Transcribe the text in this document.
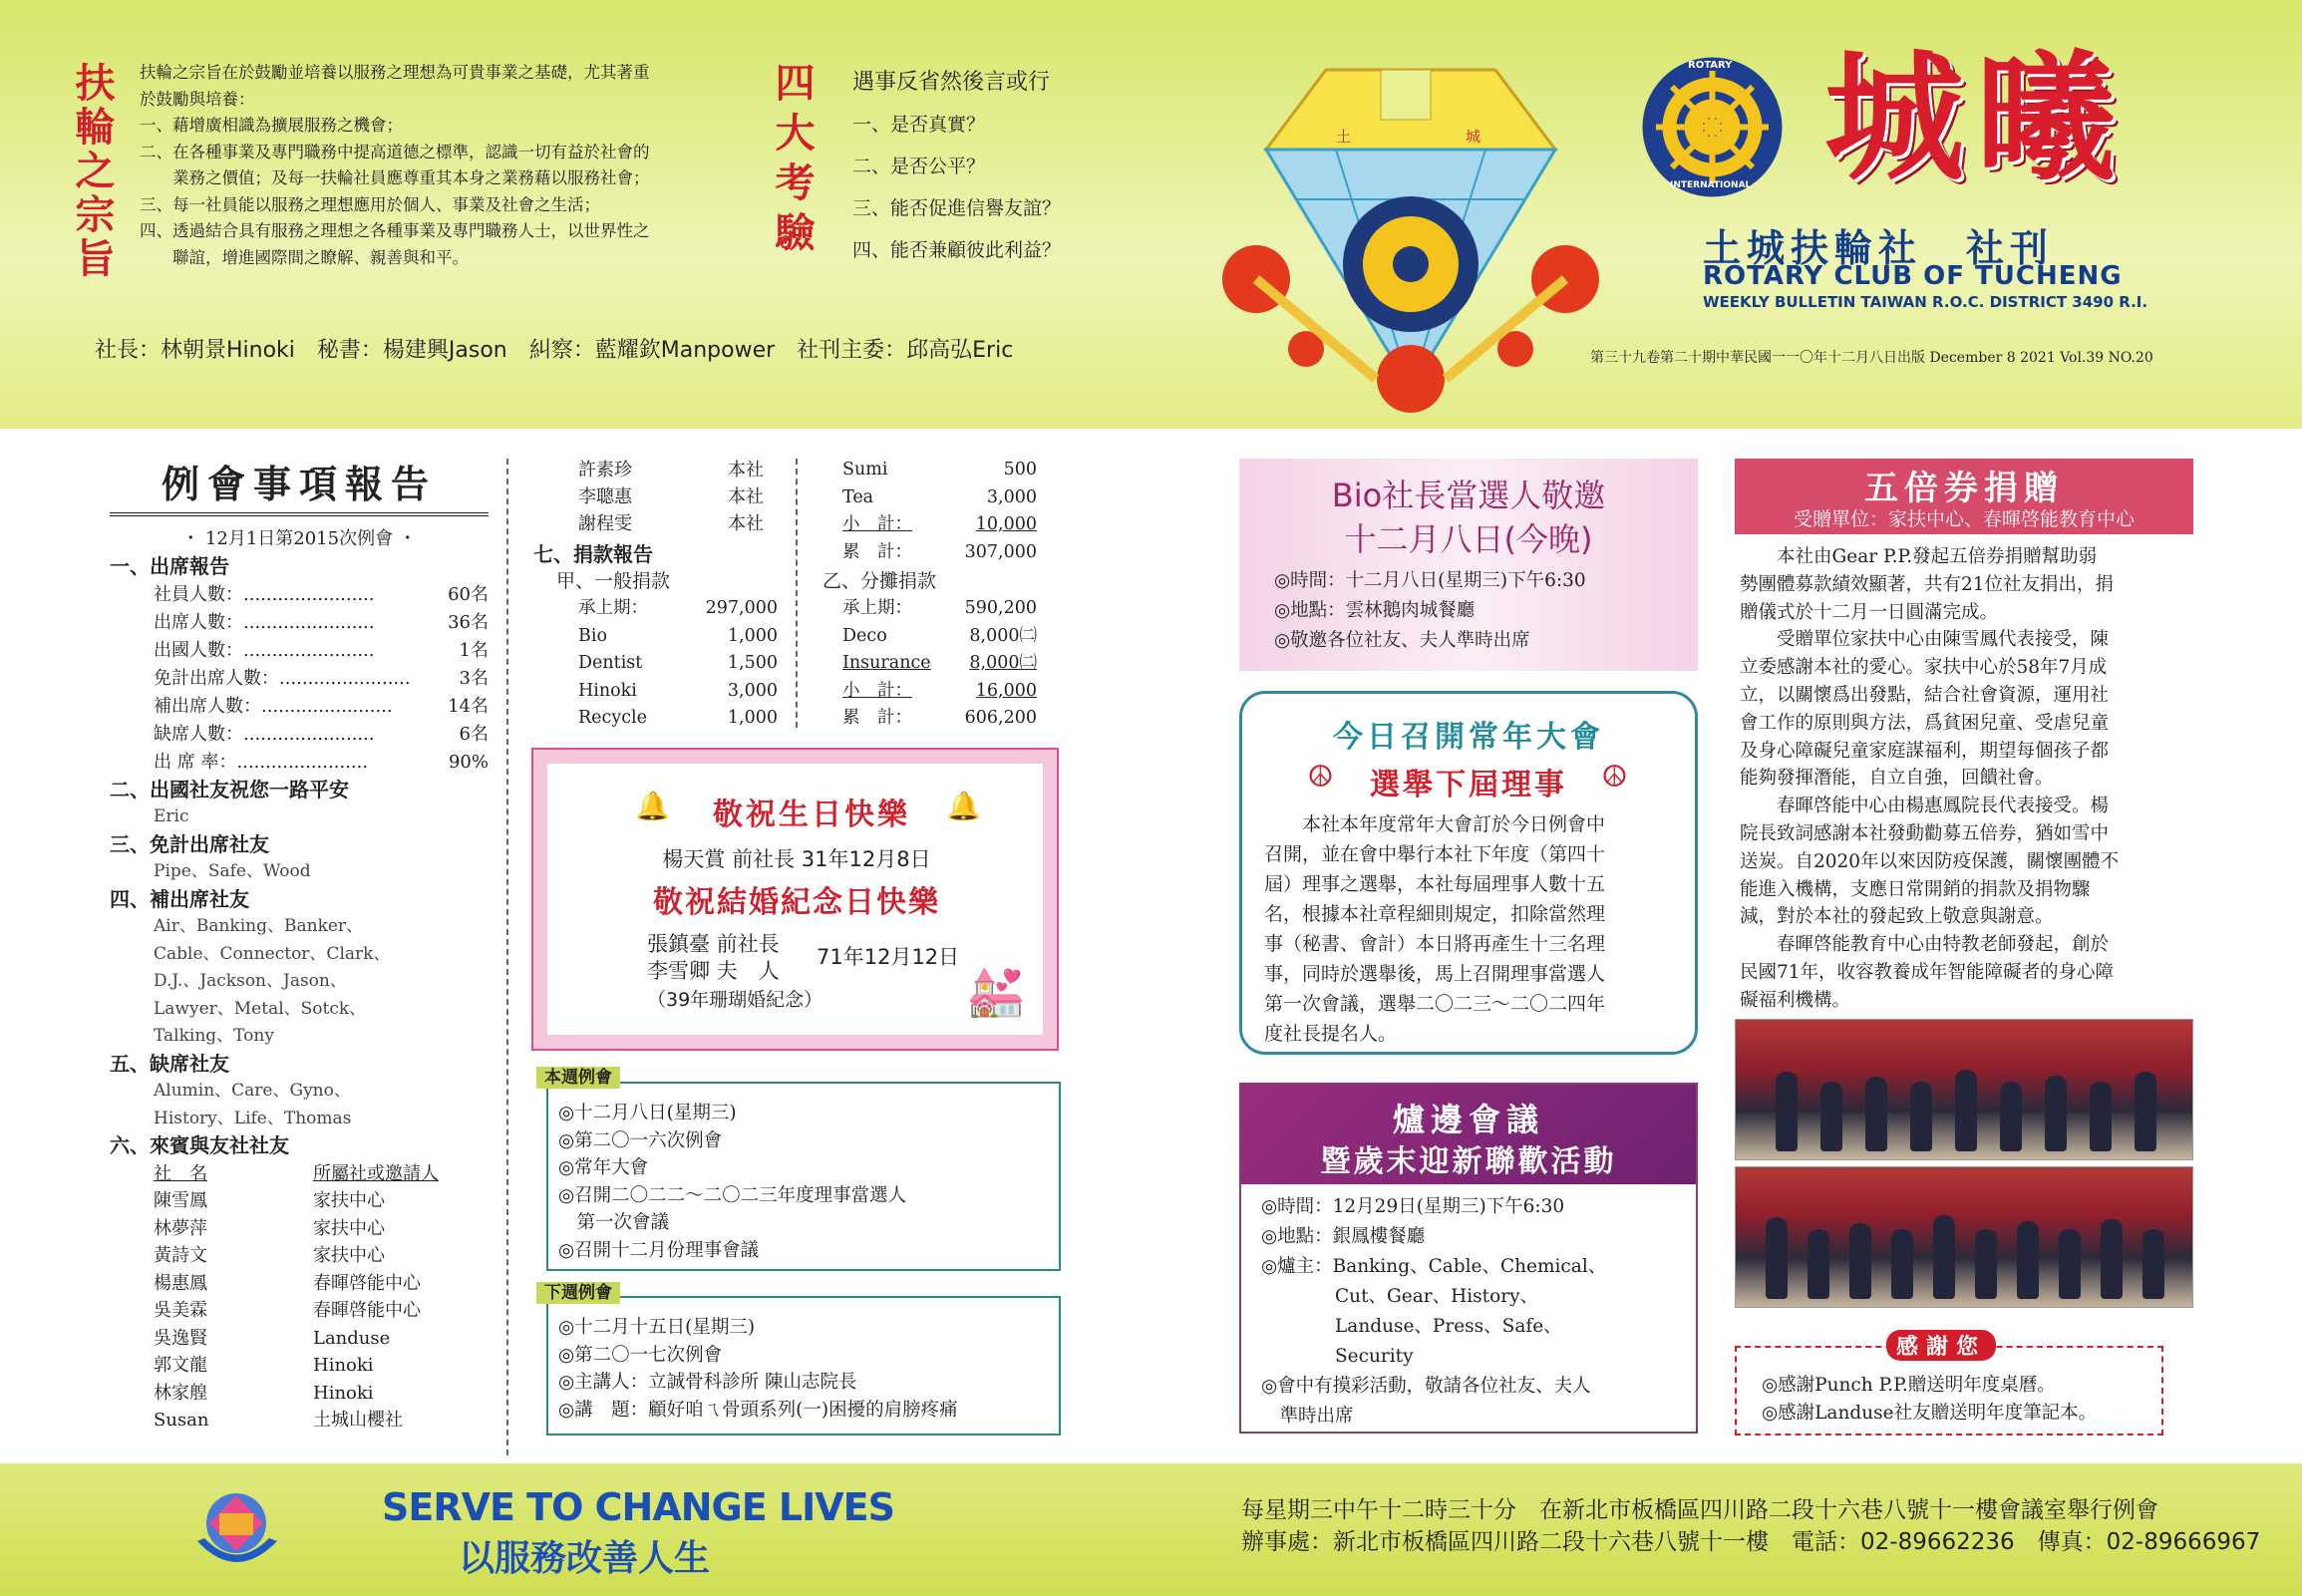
扶輪之宗旨 扶輪之宗旨在於鼓勵並培養以服務之理想為可貴事業之基礎，尤其著重
於鼓勵與培養：
一、藉增廣相識為擴展服務之機會；
二、在各種事業及專門職務中提高道德之標準，認識一切有益於社會的
　　業務之價值；及每一扶輪社員應尊重其本身之業務藉以服務社會；
三、每一社員能以服務之理想應用於個人、事業及社會之生活；
四、透過結合具有服務之理想之各種事業及專門職務人士，以世界性之
　　聯誼，增進國際間之瞭解、親善與和平。	四大考驗 遇事反省然後言或行
一、是否真實？
二、是否公平？
三、能否促進信譽友誼？
四、能否兼顧彼此利益？
社長：林朝景Hinoki　秘書：楊建興Jason　糾察：藍耀欽Manpower　社刊主委：邱高弘Eric
土	城
ROTARY
INTERNATIONAL 城曦
土城扶輪社　社刊
ROTARY CLUB OF TUCHENG
WEEKLY BULLETIN TAIWAN R.O.C. DISTRICT 3490 R.I.
第三十九卷第二十期中華民國一一〇年十二月八日出版 December 8 2021 Vol.39 NO.20
例會事項報告
・ 12月1日第2015次例會 ・
一、出席報告
社員人數： .......................	60名
出席人數： .......................	36名
出國人數： .......................	1名
免計出席人數： .......................	3名
補出席人數： .......................	14名
缺席人數： .......................	6名
出 席 率： .......................	90%
二、出國社友祝您一路平安
Eric
三、免計出席社友
Pipe、Safe、Wood
四、補出席社友
Air、Banking、Banker、
Cable、Connector、Clark、
D.J.、Jackson、Jason、
Lawyer、Metal、Sotck、
Talking、Tony
五、缺席社友
Alumin、Care、Gyno、
History、Life、Thomas
六、來賓與友社社友
社　名	所屬社或邀請人
陳雪鳳	家扶中心
林夢萍	家扶中心
黃詩文	家扶中心
楊惠鳳	春暉啓能中心
吳美霖	春暉啓能中心
吳逸賢	Landuse
郭文龍	Hinoki
林家艎	Hinoki
Susan	土城山櫻社
許素珍	本社
李聰惠	本社
謝程雯	本社
七、捐款報告
甲、一般捐款
承上期：	297,000
Bio	1,000
Dentist	1,500
Hinoki	3,000
Recycle	1,000
Sumi	500
Tea	3,000
小　計：	10,000
累　計：	307,000
乙、分攤捐款
承上期：	590,200
Deco	8,000㈡
Insurance	8,000㈡
小　計：	16,000
累　計：	606,200
🔔	敬祝生日快樂	🔔
楊天賞 前社長 31年12月8日
敬祝結婚紀念日快樂
張鎮臺 前社長
李雪卿 夫　人
71年12月12日
（39年珊瑚婚紀念）	💒
◎十二月八日(星期三)
◎第二〇一六次例會
◎常年大會
◎召開二〇二二～二〇二三年度理事當選人
　第一次會議
◎召開十二月份理事會議
本週例會
◎十二月十五日(星期三)
◎第二〇一七次例會
◎主講人：立誠骨科診所 陳山志院長
◎講　題：顧好咱ㄟ骨頭系列(一)困擾的肩膀疼痛
下週例會
Bio社長當選人敬邀
十二月八日(今晚)
◎時間：十二月八日(星期三)下午6:30
◎地點：雲林鵝肉城餐廳
◎敬邀各位社友、夫人準時出席
今日召開常年大會
☮	選舉下屆理事	☮
本社本年度常年大會訂於今日例會中
召開，並在會中舉行本社下年度（第四十
屆）理事之選舉，本社每屆理事人數十五
名，根據本社章程細則規定，扣除當然理
事（秘書、會計）本日將再產生十三名理
事，同時於選舉後，馬上召開理事當選人
第一次會議，選舉二〇二三～二〇二四年
度社長提名人。
爐邊會議
暨歲末迎新聯歡活動
◎時間：12月29日(星期三)下午6:30
◎地點：銀鳳樓餐廳
◎爐主：Banking、Cable、Chemical、
　　　　Cut、Gear、History、
　　　　Landuse、Press、Safe、
　　　　Security
◎會中有摸彩活動，敬請各位社友、夫人
　準時出席
五倍券捐贈
受贈單位：家扶中心、春暉啓能教育中心
　　本社由Gear P.P.發起五倍券捐贈幫助弱
勢團體募款績效顯著，共有21位社友捐出，捐
贈儀式於十二月一日圓滿完成。
　　受贈單位家扶中心由陳雪鳳代表接受，陳
立委感謝本社的愛心。家扶中心於58年7月成
立，以關懷爲出發點，結合社會資源，運用社
會工作的原則與方法，爲貧困兒童、受虐兒童
及身心障礙兒童家庭謀福利，期望每個孩子都
能夠發揮潛能，自立自強，回饋社會。
　　春暉啓能中心由楊惠鳳院長代表接受。楊
院長致詞感謝本社發動勸募五倍券，猶如雪中
送炭。自2020年以來因防疫保護，關懷團體不
能進入機構，支應日常開銷的捐款及捐物驟
減，對於本社的發起致上敬意與謝意。
　　春暉啓能教育中心由特教老師發起，創於
民國71年，收容教養成年智能障礙者的身心障
礙福利機構。
感謝您
◎感謝Punch P.P.贈送明年度桌曆。
◎感謝Landuse社友贈送明年度筆記本。
SERVE TO CHANGE LIVES
以服務改善人生
每星期三中午十二時三十分　在新北市板橋區四川路二段十六巷八號十一樓會議室舉行例會
辦事處：新北市板橋區四川路二段十六巷八號十一樓　電話：02-89662236　傳真：02-89666967
